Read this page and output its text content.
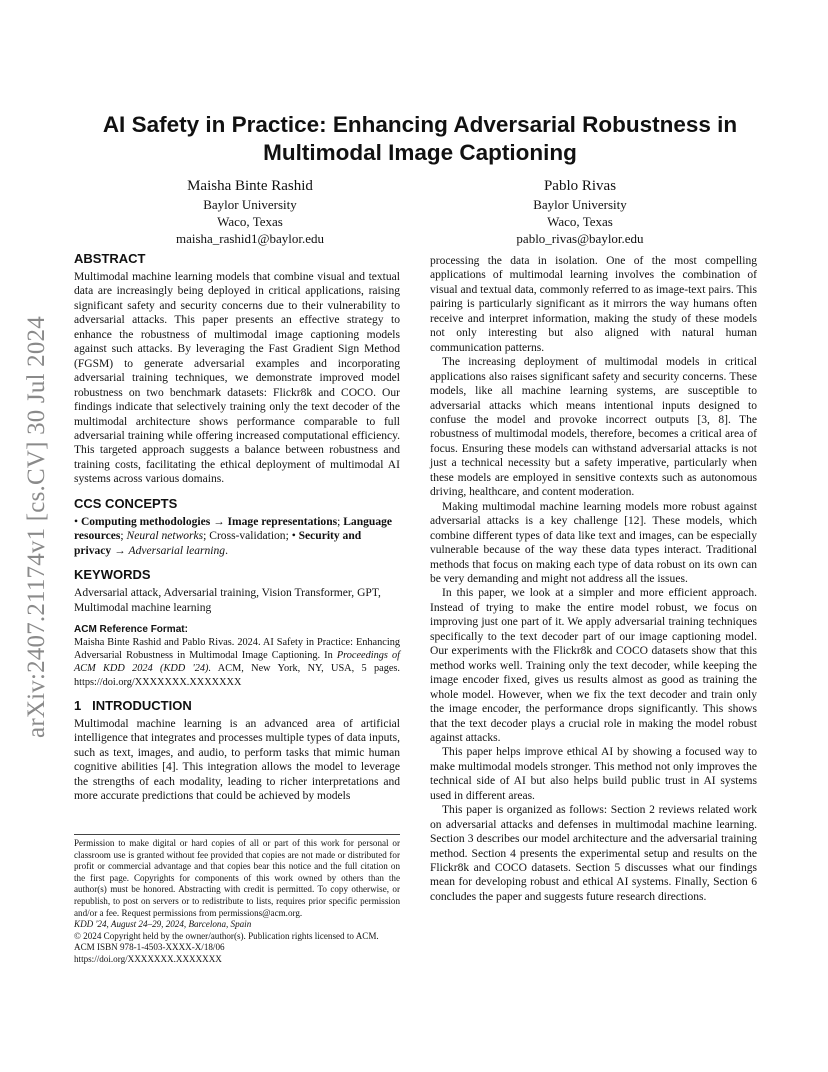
arXiv:2407.21174v1 [cs.CV] 30 Jul 2024
AI Safety in Practice: Enhancing Adversarial Robustness in
Multimodal Image Captioning
Maisha Binte Rashid
Baylor University
Waco, Texas
maisha_rashid1@baylor.edu
Pablo Rivas
Baylor University
Waco, Texas
pablo_rivas@baylor.edu
ABSTRACT

Multimodal machine learning models that combine visual and textual data are increasingly being deployed in critical applications, raising significant safety and security concerns due to their vulnerability to adversarial attacks. This paper presents an effective strategy to enhance the robustness of multimodal image captioning models against such attacks. By leveraging the Fast Gradient Sign Method (FGSM) to generate adversarial examples and incorporating adversarial training techniques, we demonstrate improved model robustness on two benchmark datasets: Flickr8k and COCO. Our findings indicate that selectively training only the text decoder of the multimodal architecture shows performance comparable to full adversarial training while offering increased computational efficiency. This targeted approach suggests a balance between robustness and training costs, facilitating the ethical deployment of multimodal AI systems across various domains.

CCS CONCEPTS

• Computing methodologies → Image representations; Language resources; Neural networks; Cross-validation; • Security and privacy → Adversarial learning.

KEYWORDS

Adversarial attack, Adversarial training, Vision Transformer, GPT, Multimodal machine learning

ACM Reference Format:

Maisha Binte Rashid and Pablo Rivas. 2024. AI Safety in Practice: Enhancing Adversarial Robustness in Multimodal Image Captioning. In Proceedings of ACM KDD 2024 (KDD '24). ACM, New York, NY, USA, 5 pages. https://doi.org/XXXXXXX.XXXXXXX

1 INTRODUCTION

Multimodal machine learning is an advanced area of artificial intelligence that integrates and processes multiple types of data inputs, such as text, images, and audio, to perform tasks that mimic human cognitive abilities [4]. This integration allows the model to leverage the strengths of each modality, leading to richer interpretations and more accurate predictions that could be achieved by models

Permission to make digital or hard copies of all or part of this work for personal or classroom use is granted without fee provided that copies are not made or distributed for profit or commercial advantage and that copies bear this notice and the full citation on the first page. Copyrights for components of this work owned by others than the author(s) must be honored. Abstracting with credit is permitted. To copy otherwise, or republish, to post on servers or to redistribute to lists, requires prior specific permission and/or a fee. Request permissions from permissions@acm.org.

KDD '24, August 24–29, 2024, Barcelona, Spain

© 2024 Copyright held by the owner/author(s). Publication rights licensed to ACM.

ACM ISBN 978-1-4503-XXXX-X/18/06

https://doi.org/XXXXXXX.XXXXXXX

processing the data in isolation. One of the most compelling applications of multimodal learning involves the combination of visual and textual data, commonly referred to as image-text pairs. This pairing is particularly significant as it mirrors the way humans often receive and interpret information, making the study of these models not only interesting but also aligned with natural human communication patterns.

The increasing deployment of multimodal models in critical applications also raises significant safety and security concerns. These models, like all machine learning systems, are susceptible to adversarial attacks which means intentional inputs designed to confuse the model and provoke incorrect outputs [3, 8]. The robustness of multimodal models, therefore, becomes a critical area of focus. Ensuring these models can withstand adversarial attacks is not just a technical necessity but a safety imperative, particularly when these models are employed in sensitive contexts such as autonomous driving, healthcare, and content moderation.

Making multimodal machine learning models more robust against adversarial attacks is a key challenge [12]. These models, which combine different types of data like text and images, can be especially vulnerable because of the way these data types interact. Traditional methods that focus on making each type of data robust on its own can be very demanding and might not address all the issues.

In this paper, we look at a simpler and more efficient approach. Instead of trying to make the entire model robust, we focus on improving just one part of it. We apply adversarial training techniques specifically to the text decoder part of our image captioning model. Our experiments with the Flickr8k and COCO datasets show that this method works well. Training only the text decoder, while keeping the image encoder fixed, gives us results almost as good as training the whole model. However, when we fix the text decoder and train only the image encoder, the performance drops significantly. This shows that the text decoder plays a crucial role in making the model robust against attacks.

This paper helps improve ethical AI by showing a focused way to make multimodal models stronger. This method not only improves the technical side of AI but also helps build public trust in AI systems used in different areas.

This paper is organized as follows: Section 2 reviews related work on adversarial attacks and defenses in multimodal machine learning. Section 3 describes our model architecture and the adversarial training method. Section 4 presents the experimental setup and results on the Flickr8k and COCO datasets. Section 5 discusses what our findings mean for developing robust and ethical AI systems. Finally, Section 6 concludes the paper and suggests future research directions.
